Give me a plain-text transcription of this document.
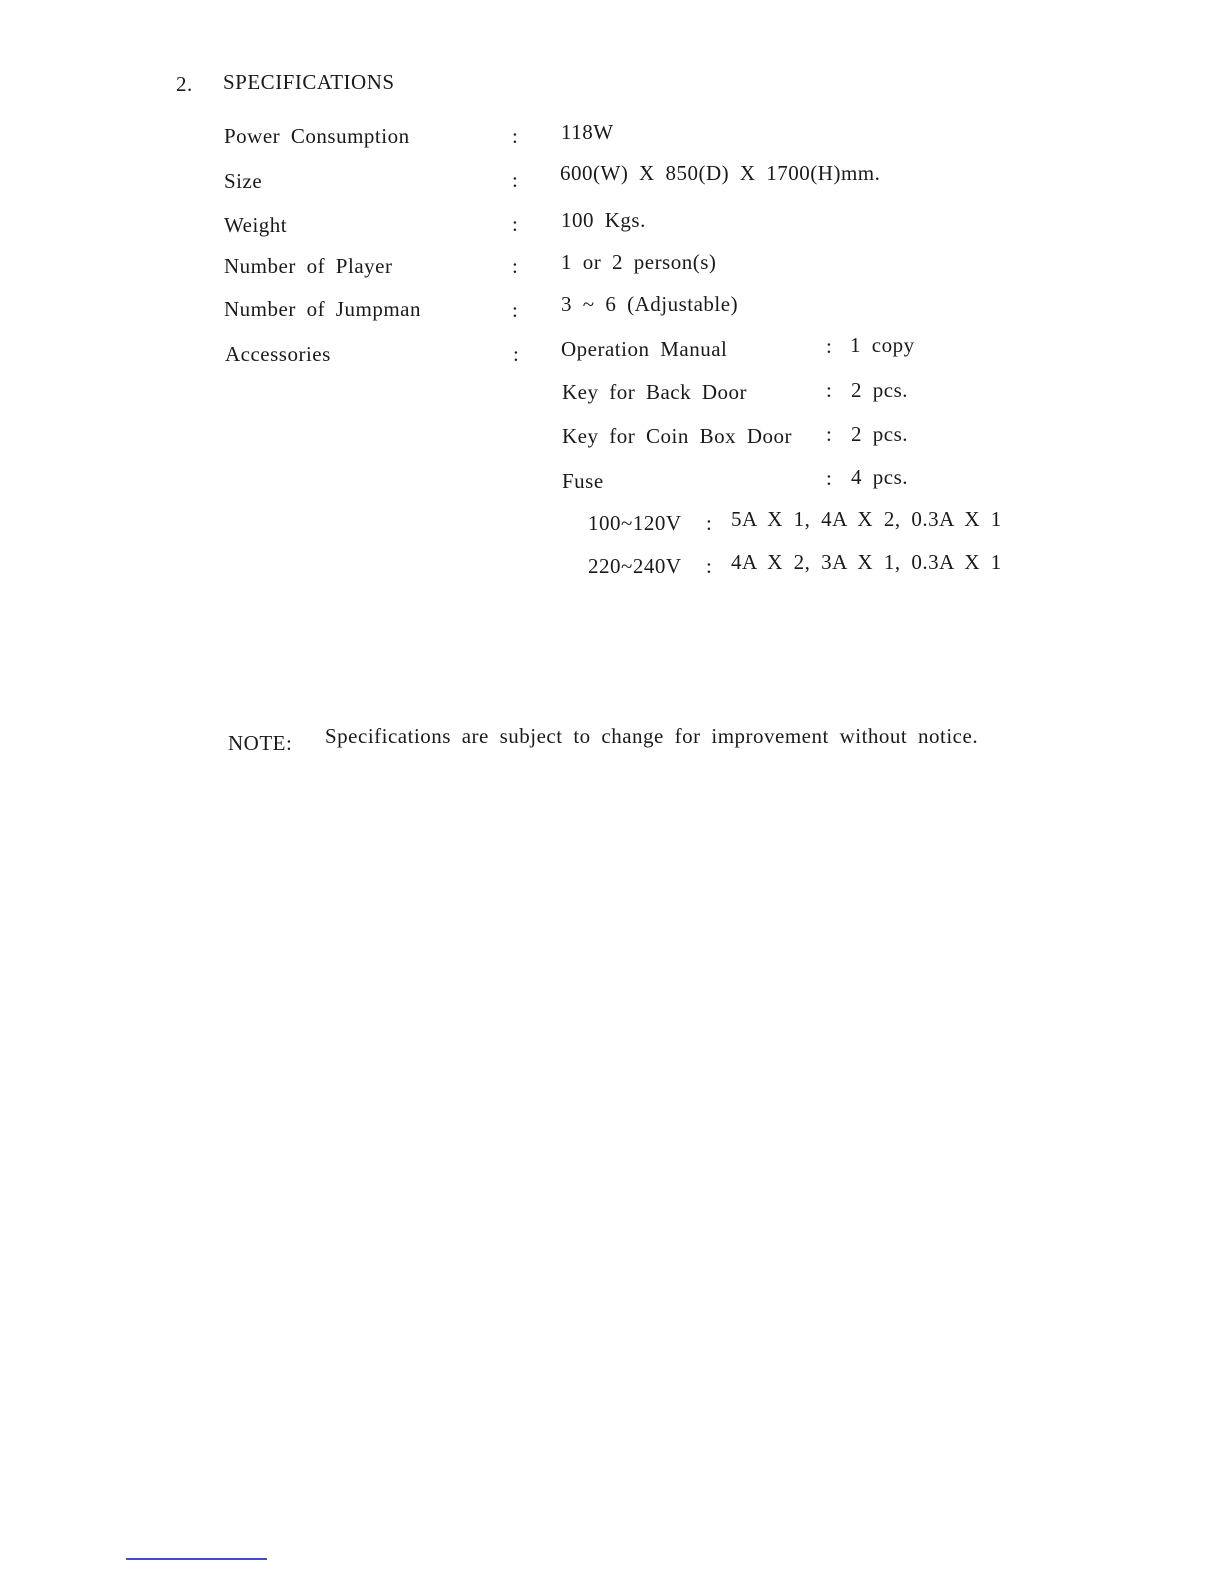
2. SPECIFICATIONS
Power Consumption	: 118W
Size	: 600(W) X 850(D) X 1700(H)mm.
Weight	: 100 Kgs.
Number of Player	: 1 or 2 person(s)
Number of Jumpman	: 3 ~ 6 (Adjustable)
Accessories	: Operation Manual	: 1 copy
Key for Back Door	: 2 pcs.
Key for Coin Box Door : 2 pcs.
Fuse	: 4 pcs.
100~120V : 5A X 1, 4A X 2, 0.3A X 1
220~240V : 4A X 2, 3A X 1, 0.3A X 1
NOTE: Specifications are subject to change for improvement without notice.
